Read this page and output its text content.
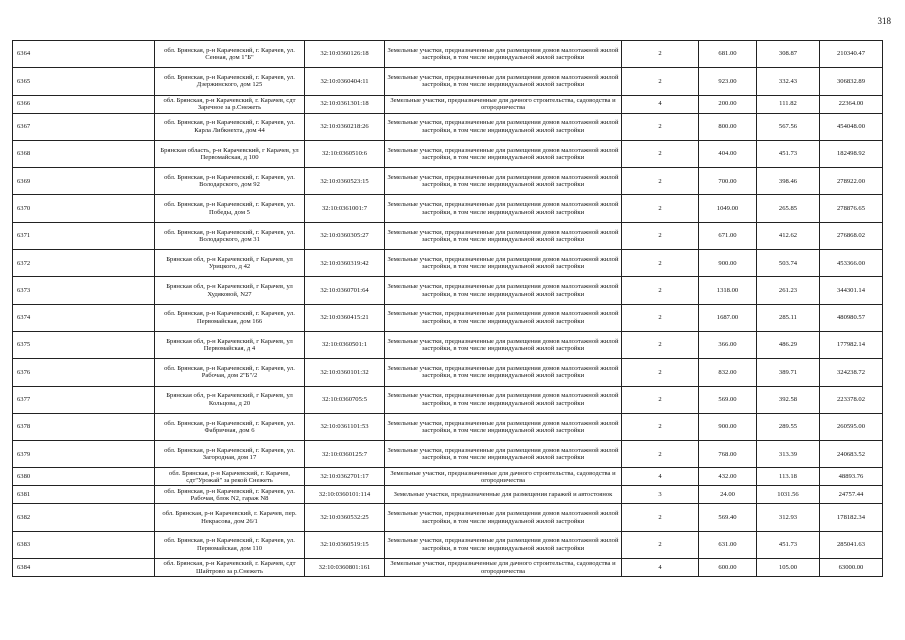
318
6364	обл. Брянская, р-н Карачевский, г. Карачев, ул. Сенная, дом 1"Б"	32:10:0360126:18	Земельные участки, предназначенные для размещения домов малоэтажной жилой застройки, в том числе индивидуальной жилой застройки	2	681.00	308.87	210340.47
6365	обл. Брянская, р-н Карачевский, г. Карачев, ул. Дзержинского, дом 125	32:10:0360404:11	Земельные участки, предназначенные для размещения домов малоэтажной жилой застройки, в том числе индивидуальной жилой застройки	2	923.00	332.43	306832.89
6366	обл. Брянская, р-н Карачевский, г. Карачев, сдт Заречное за р.Снежеть	32:10:0361301:18	Земельные участки, предназначенные для дачного строительства, садоводства и огородничества	4	200.00	111.82	22364.00
6367	обл. Брянская, р-н Карачевский, г. Карачев, ул. Карла Либкнехта, дом 44	32:10:0360218:26	Земельные участки, предназначенные для размещения домов малоэтажной жилой застройки, в том числе индивидуальной жилой застройки	2	800.00	567.56	454048.00
6368	Брянская область, р-н Карачевский, г Карачев, ул Первомайская, д 100	32:10:0360510:6	Земельные участки, предназначенные для размещения домов малоэтажной жилой застройки, в том числе индивидуальной жилой застройки	2	404.00	451.73	182498.92
6369	обл. Брянская, р-н Карачевский, г. Карачев, ул. Володарского, дом 92	32:10:0360523:15	Земельные участки, предназначенные для размещения домов малоэтажной жилой застройки, в том числе индивидуальной жилой застройки	2	700.00	398.46	278922.00
6370	обл. Брянская, р-н Карачевский, г. Карачев, ул. Победы, дом 5	32:10:0361001:7	Земельные участки, предназначенные для размещения домов малоэтажной жилой застройки, в том числе индивидуальной жилой застройки	2	1049.00	265.85	278876.65
6371	обл. Брянская, р-н Карачевский, г. Карачев, ул. Володарского, дом 31	32:10:0360305:27	Земельные участки, предназначенные для размещения домов малоэтажной жилой застройки, в том числе индивидуальной жилой застройки	2	671.00	412.62	276868.02
6372	Брянская обл, р-н Карачевский, г Карачев, ул Урицкого, д 42	32:10:0360319:42	Земельные участки, предназначенные для размещения домов малоэтажной жилой застройки, в том числе индивидуальной жилой застройки	2	900.00	503.74	453366.00
6373	Брянская обл, р-н Карачевский, г Карачев, ул Худяковой, N27	32:10:0360701:64	Земельные участки, предназначенные для размещения домов малоэтажной жилой застройки, в том числе индивидуальной жилой застройки	2	1318.00	261.23	344301.14
6374	обл. Брянская, р-н Карачевский, г. Карачев, ул. Первомайская, дом 166	32:10:0360415:21	Земельные участки, предназначенные для размещения домов малоэтажной жилой застройки, в том числе индивидуальной жилой застройки	2	1687.00	285.11	480980.57
6375	Брянская обл, р-н Карачевский, г Карачев, ул Первомайская, д 4	32:10:0360501:1	Земельные участки, предназначенные для размещения домов малоэтажной жилой застройки, в том числе индивидуальной жилой застройки	2	366.00	486.29	177982.14
6376	обл. Брянская, р-н Карачевский, г. Карачев, ул. Рабочая, дом 2"Б"/2	32:10:0360101:32	Земельные участки, предназначенные для размещения домов малоэтажной жилой застройки, в том числе индивидуальной жилой застройки	2	832.00	389.71	324238.72
6377	Брянская обл, р-н Карачевский, г Карачев, ул Кольцова, д 20	32:10:0360705:5	Земельные участки, предназначенные для размещения домов малоэтажной жилой застройки, в том числе индивидуальной жилой застройки	2	569.00	392.58	223378.02
6378	обл. Брянская, р-н Карачевский, г. Карачев, ул. Фабричная, дом 6	32:10:0361101:53	Земельные участки, предназначенные для размещения домов малоэтажной жилой застройки, в том числе индивидуальной жилой застройки	2	900.00	289.55	260595.00
6379	обл. Брянская, р-н Карачевский, г. Карачев, ул. Загородная, дом 17	32:10:0360125:7	Земельные участки, предназначенные для размещения домов малоэтажной жилой застройки, в том числе индивидуальной жилой застройки	2	768.00	313.39	240683.52
6380	обл. Брянская, р-н Карачевский, г. Карачев, сдт"Урожай" за рекой Снежеть	32:10:0362701:17	Земельные участки, предназначенные для дачного строительства, садоводства и огородничества	4	432.00	113.18	48893.76
6381	обл. Брянская, р-н Карачевский, г. Карачев, ул. Рабочая, блок N2, гараж N8	32:10:0360101:114	Земельные участки, предназначенные для размещения гаражей и автостоянок	3	24.00	1031.56	24757.44
6382	обл. Брянская, р-н Карачевский, г. Карачев, пер. Некрасова, дом 26/1	32:10:0360532:25	Земельные участки, предназначенные для размещения домов малоэтажной жилой застройки, в том числе индивидуальной жилой застройки	2	569.40	312.93	178182.34
6383	обл. Брянская, р-н Карачевский, г. Карачев, ул. Первомайская, дом 110	32:10:0360519:15	Земельные участки, предназначенные для размещения домов малоэтажной жилой застройки, в том числе индивидуальной жилой застройки	2	631.00	451.73	285041.63
6384	обл. Брянская, р-н Карачевский, г. Карачев, сдт Шайтрово за р.Снежеть	32:10:0360801:161	Земельные участки, предназначенные для дачного строительства, садоводства и огородничества	4	600.00	105.00	63000.00
